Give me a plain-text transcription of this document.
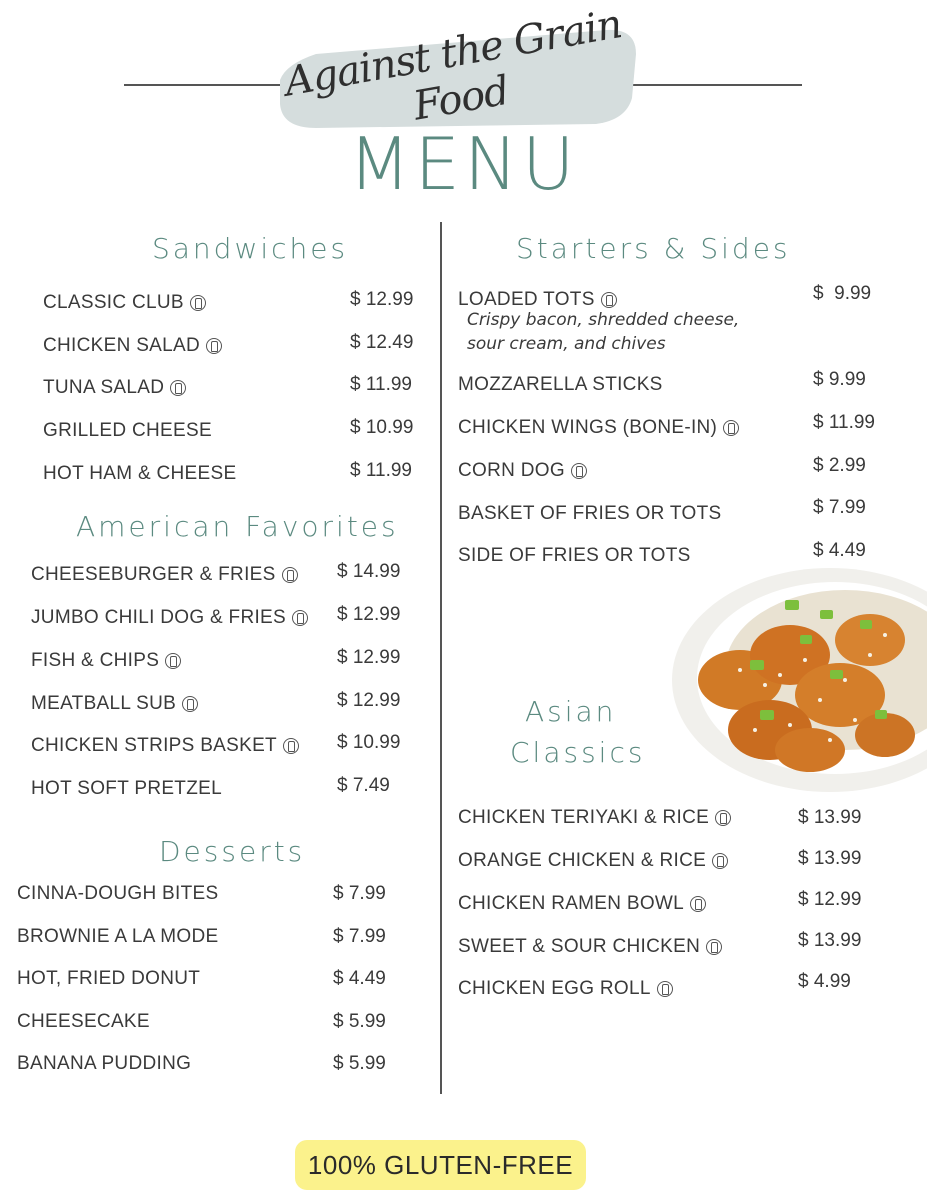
Against the Grain Food
MENU
Sandwiches
CLASSIC CLUB	$ 12.99
CHICKEN SALAD	$ 12.49
TUNA SALAD	$ 11.99
GRILLED CHEESE	$ 10.99
HOT HAM & CHEESE	$ 11.99
American Favorites
CHEESEBURGER & FRIES	$ 14.99
JUMBO CHILI DOG & FRIES	$ 12.99
FISH & CHIPS	$ 12.99
MEATBALL SUB	$ 12.99
CHICKEN STRIPS BASKET	$ 10.99
HOT SOFT PRETZEL	$ 7.49
Desserts
CINNA-DOUGH BITES	$ 7.99
BROWNIE A LA MODE	$ 7.99
HOT, FRIED DONUT	$ 4.49
CHEESECAKE	$ 5.99
BANANA PUDDING	$ 5.99
Starters & Sides
LOADED TOTS	$  9.99
Crispy bacon, shredded cheese,
sour cream, and chives
MOZZARELLA STICKS	$ 9.99
CHICKEN WINGS (BONE-IN)	$ 11.99
CORN DOG	$ 2.99
BASKET OF FRIES OR TOTS	$ 7.99
SIDE OF FRIES OR TOTS	$ 4.49
Asian
Classics
CHICKEN TERIYAKI & RICE	$ 13.99
ORANGE CHICKEN & RICE	$ 13.99
CHICKEN RAMEN BOWL	$ 12.99
SWEET & SOUR CHICKEN	$ 13.99
CHICKEN EGG ROLL	$ 4.99
100% GLUTEN-FREE
